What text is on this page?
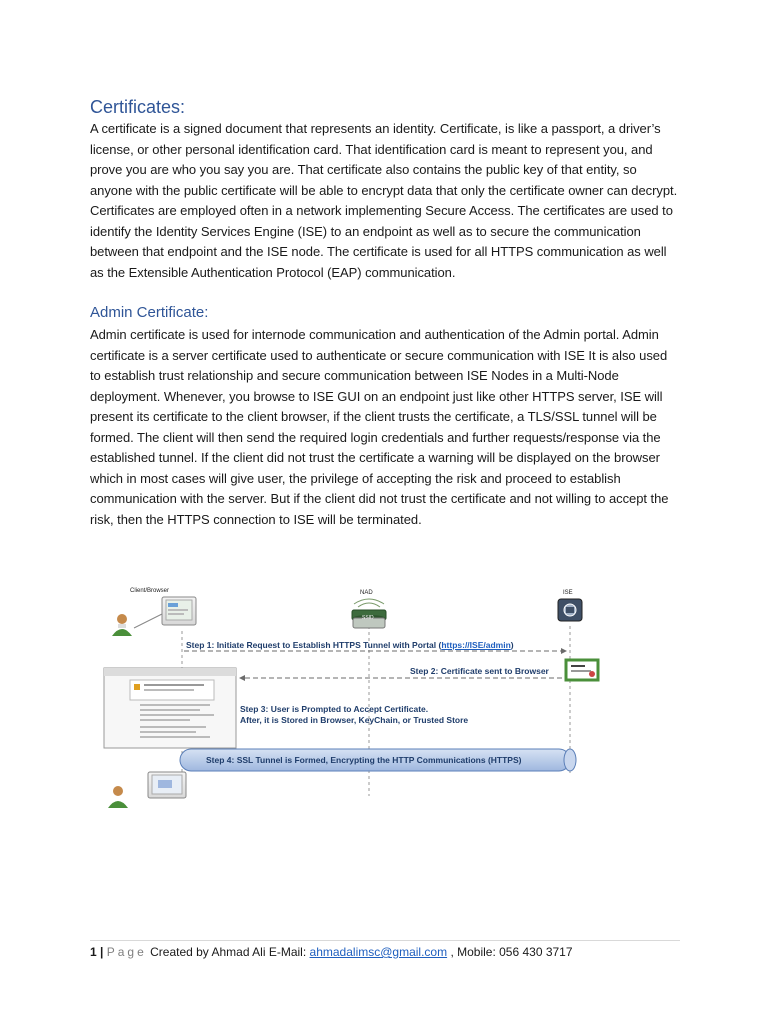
Certificates:

A certificate is a signed document that represents an identity. Certificate, is like a passport, a driver’s license, or other personal identification card. That identification card is meant to represent you, and prove you are who you say you are. That certificate also contains the public key of that entity, so anyone with the public certificate will be able to encrypt data that only the certificate owner can decrypt. Certificates are employed often in a network implementing Secure Access. The certificates are used to identify the Identity Services Engine (ISE) to an endpoint as well as to secure the communication between that endpoint and the ISE node. The certificate is used for all HTTPS communication as well as the Extensible Authentication Protocol (EAP) communication.

Admin Certificate:

Admin certificate is used for internode communication and authentication of the Admin portal. Admin certificate is a server certificate used to authenticate or secure communication with ISE It is also used to establish trust relationship and secure communication between ISE Nodes in a Multi-Node deployment. Whenever, you browse to ISE GUI on an endpoint just like other HTTPS server, ISE will present its certificate to the client browser, if the client trusts the certificate, a TLS/SSL tunnel will be formed. The client will then send the required login credentials and further requests/response via the established tunnel. If the client did not trust the certificate a warning will be displayed on the browser which in most cases will give user, the privilege of accepting the risk and proceed to establish communication with the server. But if the client did not trust the certificate and not willing to accept the risk, then the HTTPS connection to ISE will be terminated.

Client/Browser	NAD
SSID
ISE
Step 1: Initiate Request to Establish HTTPS Tunnel with Portal (https://ISE/admin)
Step 2: Certificate sent to Browser
Step 3: User is Prompted to Accept Certificate.
After, it is Stored in Browser, KeyChain, or Trusted Store
Step 4: SSL Tunnel is Formed, Encrypting the HTTP Communications (HTTPS)
1 | Page Created by Ahmad Ali E-Mail: ahmadalimsc@gmail.com , Mobile: 056 430 3717
